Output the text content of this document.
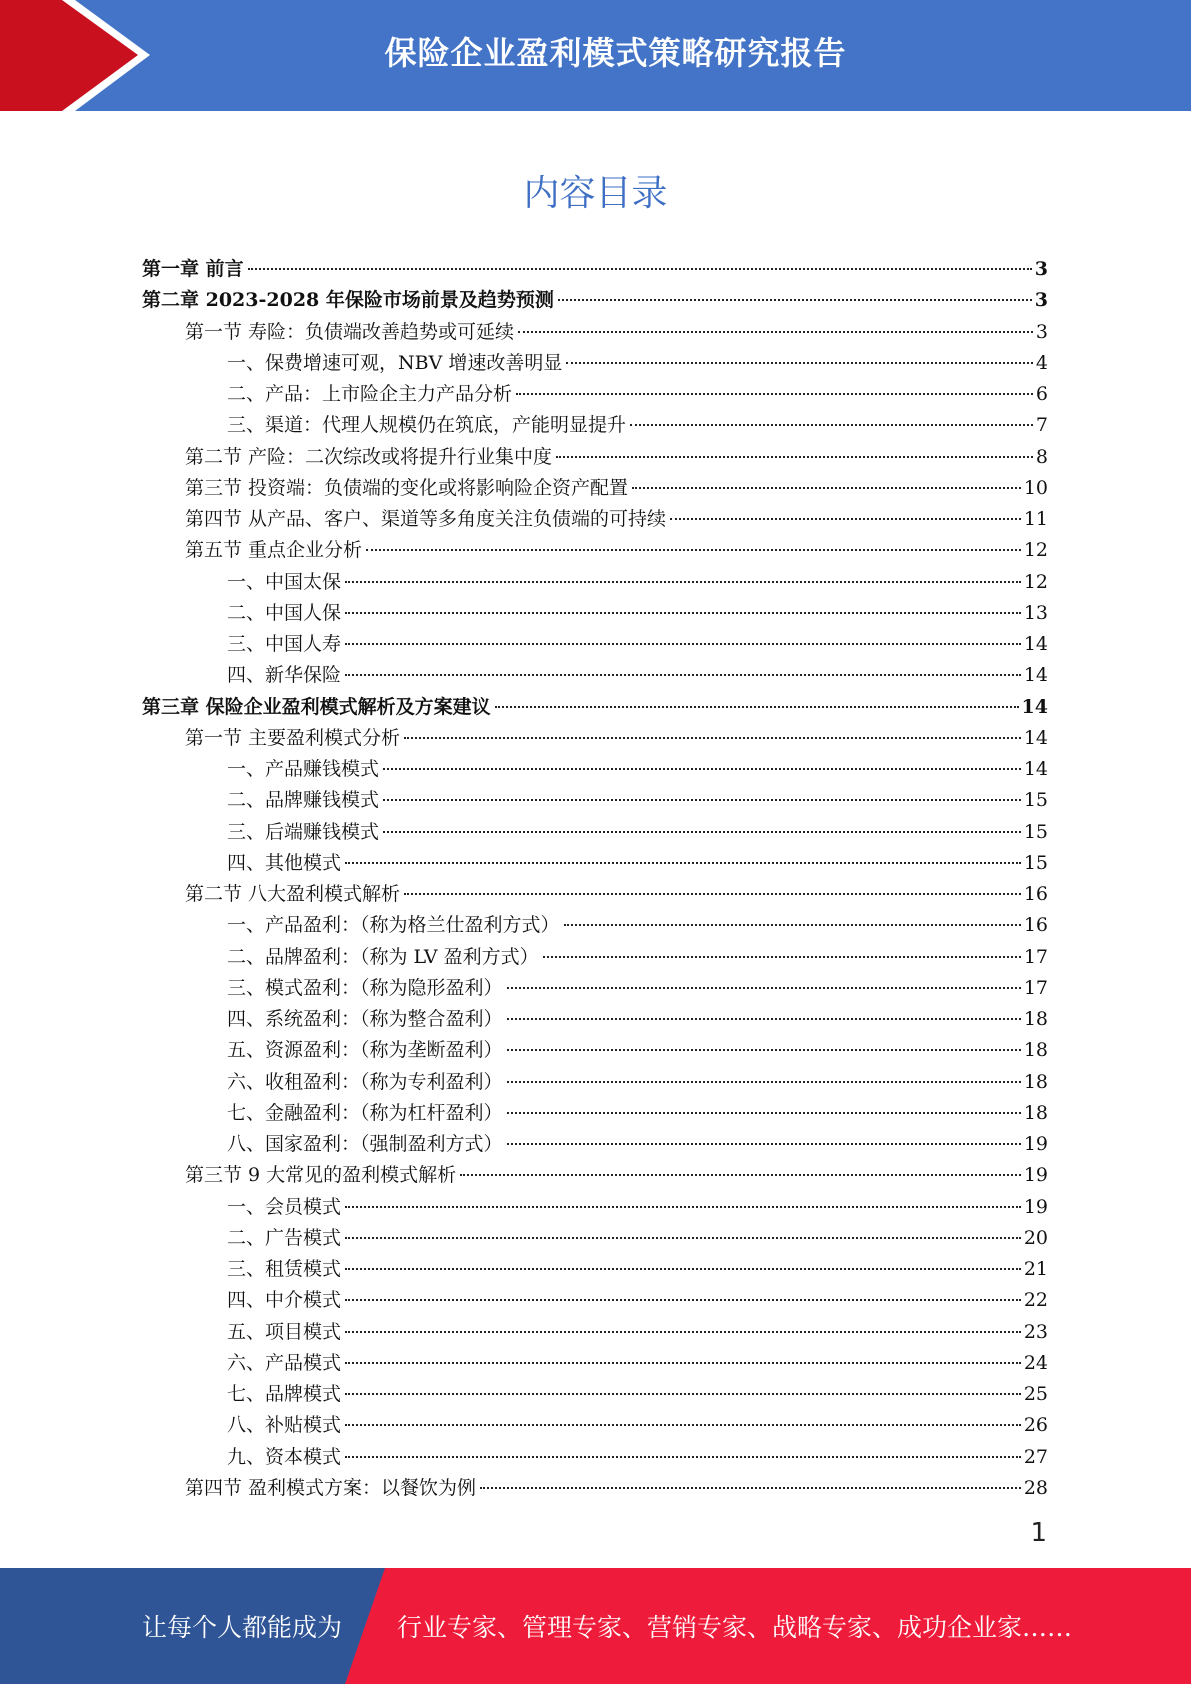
保险企业盈利模式策略研究报告
内容目录
第一章 前言	3
第二章 2023-2028 年保险市场前景及趋势预测	3
第一节 寿险：负债端改善趋势或可延续	3
一、保费增速可观，NBV 增速改善明显	4
二、产品：上市险企主力产品分析	6
三、渠道：代理人规模仍在筑底，产能明显提升	7
第二节 产险：二次综改或将提升行业集中度	8
第三节 投资端：负债端的变化或将影响险企资产配置	10
第四节 从产品、客户、渠道等多角度关注负债端的可持续	11
第五节 重点企业分析	12
一、中国太保	12
二、中国人保	13
三、中国人寿	14
四、新华保险	14
第三章 保险企业盈利模式解析及方案建议	14
第一节 主要盈利模式分析	14
一、产品赚钱模式	14
二、品牌赚钱模式	15
三、后端赚钱模式	15
四、其他模式	15
第二节 八大盈利模式解析	16
一、产品盈利：（称为格兰仕盈利方式）	16
二、品牌盈利：（称为 LV 盈利方式）	17
三、模式盈利：（称为隐形盈利）	17
四、系统盈利：（称为整合盈利）	18
五、资源盈利：（称为垄断盈利）	18
六、收租盈利：（称为专利盈利）	18
七、金融盈利：（称为杠杆盈利）	18
八、国家盈利：（强制盈利方式）	19
第三节 9 大常见的盈利模式解析	19
一、会员模式	19
二、广告模式	20
三、租赁模式	21
四、中介模式	22
五、项目模式	23
六、产品模式	24
七、品牌模式	25
八、补贴模式	26
九、资本模式	27
第四节 盈利模式方案：以餐饮为例	28
1
让每个人都能成为 行业专家、管理专家、营销专家、战略专家、成功企业家……
